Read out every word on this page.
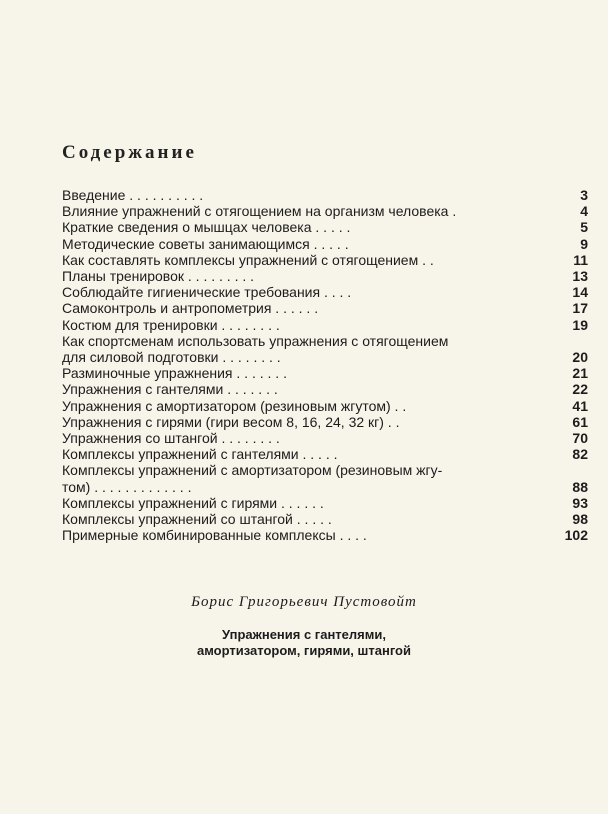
Содержание
Введение . . . . . . . . . .	3
Влияние упражнений с отягощением на организм человека .	4
Краткие сведения о мышцах человека . . . . .	5
Методические советы занимающимся . . . . .	9
Как составлять комплексы упражнений с отягощением . .	11
Планы тренировок . . . . . . . . .	13
Соблюдайте гигиенические требования . . . .	14
Самоконтроль и антропометрия . . . . . .	17
Костюм для тренировки . . . . . . . .	19
Как спортсменам использовать упражнения с отягощением
для силовой подготовки . . . . . . . .	20
Разминочные упражнения . . . . . . .	21
Упражнения с гантелями . . . . . . .	22
Упражнения с амортизатором (резиновым жгутом) . .	41
Упражнения с гирями (гири весом 8, 16, 24, 32 кг) . .	61
Упражнения со штангой . . . . . . . .	70
Комплексы упражнений с гантелями . . . . .	82
Комплексы упражнений с амортизатором (резиновым жгу-
том) . . . . . . . . . . . . .	88
Комплексы упражнений с гирями . . . . . .	93
Комплексы упражнений со штангой . . . . .	98
Примерные комбинированные комплексы . . . .	102
Борис Григорьевич Пустовойт
Упражнения с гантелями,
амортизатором, гирями, штангой
